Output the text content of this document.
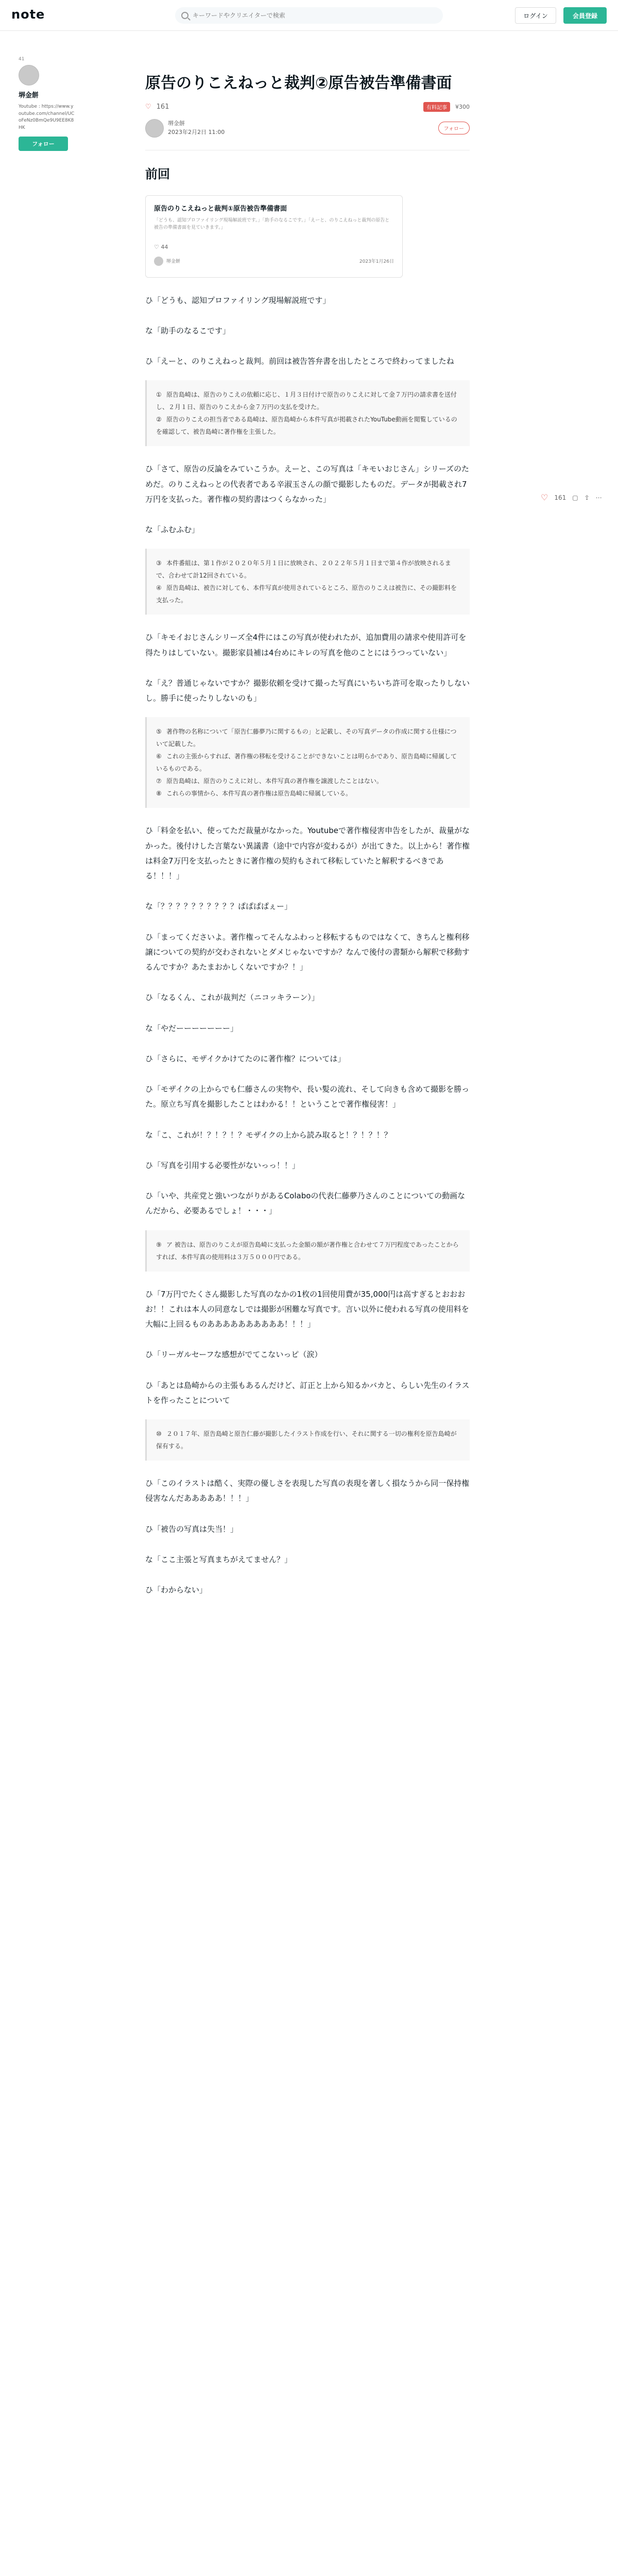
note
キーワードやクリエイターで検索	ログイン	会員登録
41
堺金餅
Youtube : https://www.youtube.com/channel/UCoFeNz0BmQe9U9EE8K8HK
フォロー
♡ 161 ▢ ⇪ ⋯
原告のりこえねっと裁判②原告被告準備書面
♡ 161	有料記事	¥300
堺金餅
2023年2月2日 11:00	フォロー
前回
原告のりこえねっと裁判①原告被告準備書面
「どうも、認知プロファイリング現場解説班です。」「助手のなるこです。」「えーと、のりこえねっと裁判の原告と被告の準備書面を見ていきます。」
♡ 44
堺金餅	2023年1月26日

ひ「どうも、認知プロファイリング現場解説班です」

な「助手のなるこです」

ひ「えーと、のりこえねっと裁判。前回は被告答弁書を出したところで終わってましたね

① 原告島崎は、原告のりこえの依頼に応じ、１月３日付けで原告のりこえに対して金７万円の請求書を送付し、２月１日、原告のりこえから金７万円の支払を受けた。
② 原告のりこえの担当者である島崎は、原告島崎から本件写真が掲載されたYouTube動画を閲覧しているのを確認して、被告島崎に著作権を主張した。

ひ「さて、原告の反論をみていこうか。えーと、この写真は「キモいおじさん」シリーズのためだ。のりこえねっとの代表者である辛淑玉さんの顔で撮影したものだ。データが掲載され7万円を支払った。著作権の契約書はつくらなかった」

な「ふむふむ」

③ 本件番組は、第１作が２０２０年５月１日に放映され、２０２２年５月１日まで第４作が放映されるまで、合わせて計12回されている。
④ 原告島崎は、被告に対しても、本件写真が使用されているところ、原告のりこえは被告に、その撮影料を支払った。

ひ「キモイおじさんシリーズ全4件にはこの写真が使われたが、追加費用の請求や使用許可を得たりはしていない。撮影家員補は4台めにキレの写真を他のことにはうつっていない」

な「え？普通じゃないですか？撮影依頼を受けて撮った写真にいちいち許可を取ったりしないし。勝手に使ったりしないのも」

⑤ 著作物の名称について「原告仁藤夢乃に関するもの」と記載し、その写真データの作成に関する仕様について記載した。
⑥ これの主張からすれば、著作権の移転を受けることができないことは明らかであり、原告島崎に帰属しているものである。
⑦ 原告島崎は、原告のりこえに対し、本件写真の著作権を譲渡したことはない。
⑧ これらの事情から、本件写真の著作権は原告島崎に帰属している。

ひ「料金を払い、使ってただ裁量がなかった。Youtubeで著作権侵害申告をしたが、裁量がなかった。後付けした言葉ない異議書（途中で内容が変わるが）が出てきた。以上から！著作権は料金7万円を支払ったときに著作権の契約もされて移転していたと解釈するべきである！！！」

な「？？？？？？？？？？ぱぱぱぱぇー」

ひ「まってくださいよ。著作権ってそんなふわっと移転するものではなくて、きちんと権利移譲についての契約が交わされないとダメじゃないですか？なんで後付の書類から解釈で移動するんですか？あたまおかしくないですか？！」

ひ「なるくん、これが裁判だ（ニコッキラーン）」

な「やだーーーーーーー」

ひ「さらに、モザイクかけてたのに著作権？については」

ひ「モザイクの上からでも仁藤さんの実物や、長い髪の流れ、そして向きも含めて撮影を勝った。原立ち写真を撮影したことはわかる！！ということで著作権侵害！」

な「こ、これが！？！？！？モザイクの上から読み取ると！？！？！？

ひ「写真を引用する必要性がないっっ！！」

ひ「いや、共産党と強いつながりがあるColaboの代表仁藤夢乃さんのことについての動画なんだから、必要あるでしょ！・・・」

⑨ ア 被告は、原告のりこえが原告島崎に支払った金額の額が著作権と合わせて７万円程度であったことからすれば、本件写真の使用料は３万５０００円である。

ひ「7万円でたくさん撮影した写真のなかの1枚の1回使用費が35,000円は高すぎるとおおおお！！これは本人の同意なしでは撮影が困難な写真です。言い以外に使われる写真の使用料を大幅に上回るものああああああああああ！！！」

ひ「リーガルセーフな感想がでてこないっピ（涙）

ひ「あとは島崎からの主張もあるんだけど、訂正と上から知るかバカと、らしい先生のイラストを作ったことについて

⑩ ２０１７年、原告島崎と原告仁藤が撮影したイラスト作成を行い、それに関する一切の権利を原告島崎が保有する。

ひ「このイラストは酷く、実際の優しさを表現した写真の表現を著しく損なうから同一保持権侵害なんだあああああ！！！」

ひ「被告の写真は失当！」

な「ここ主張と写真まちがえてません？」

ひ「わからない」
